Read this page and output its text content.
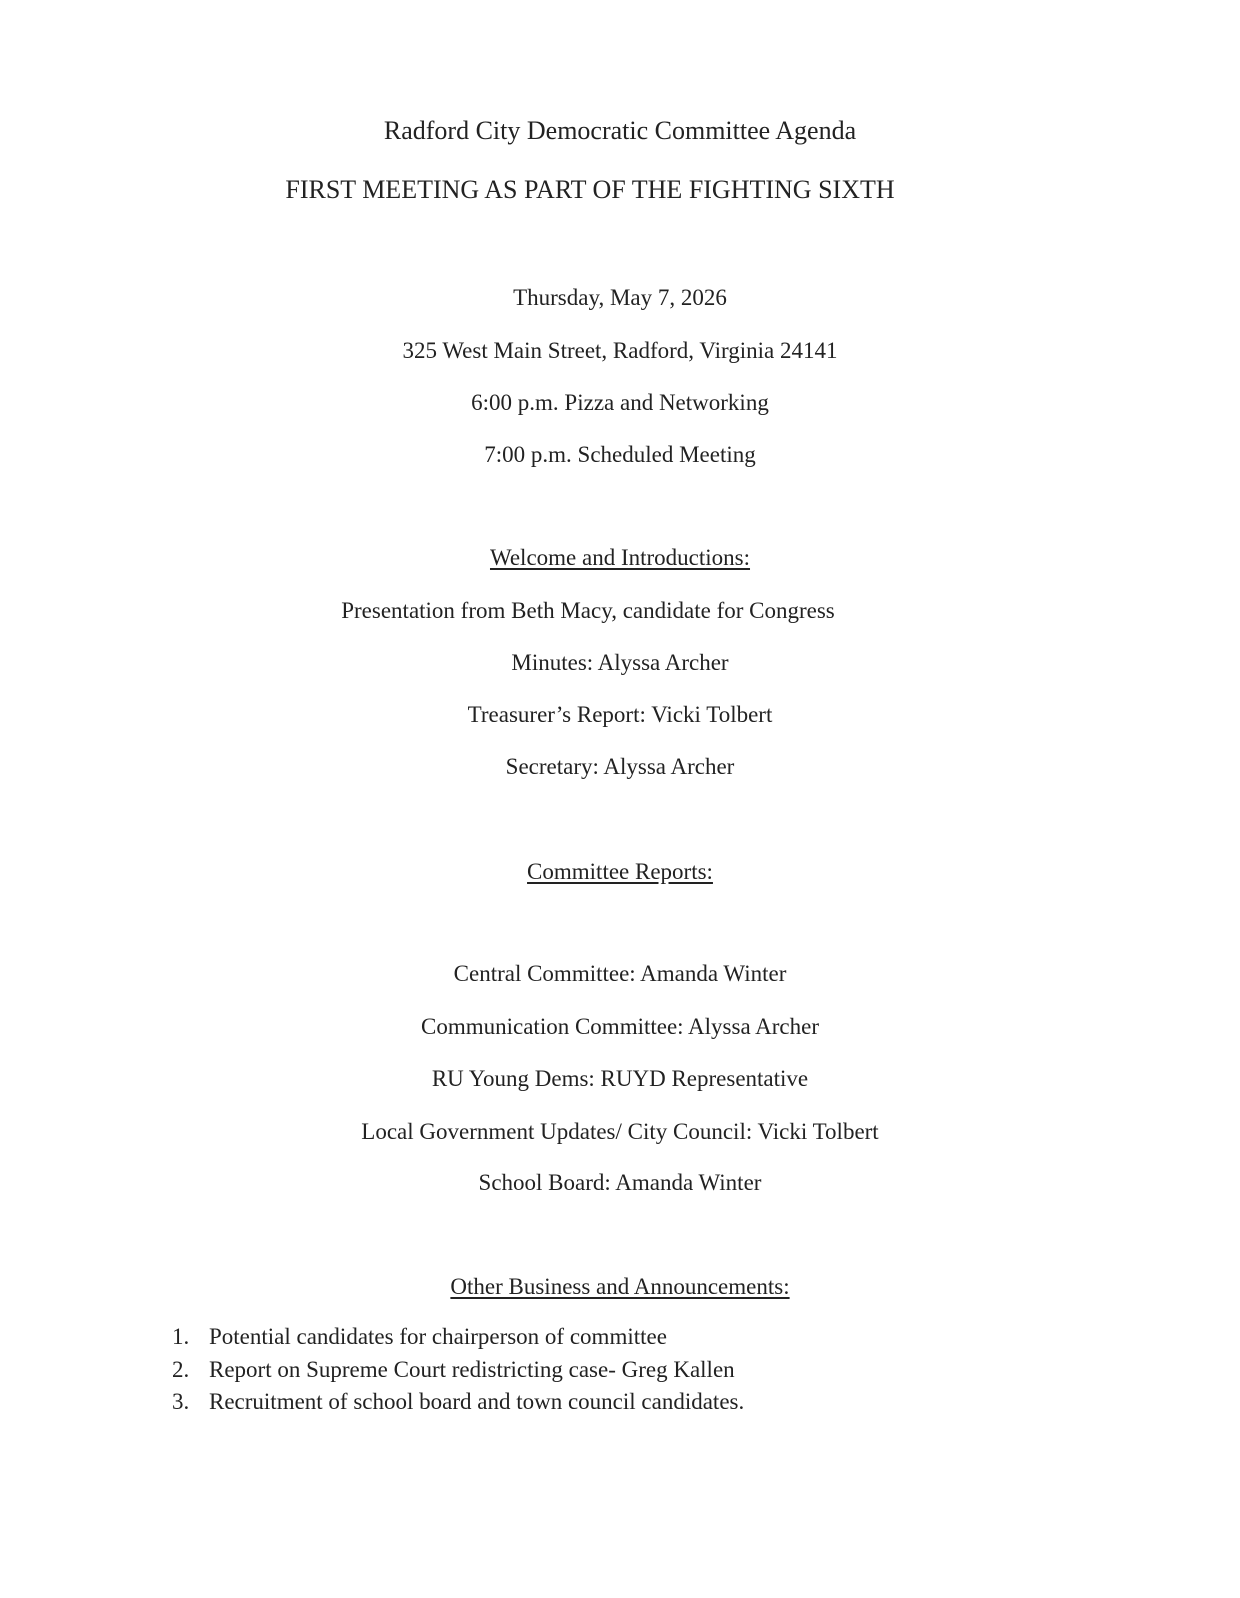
Radford City Democratic Committee Agenda
FIRST MEETING AS PART OF THE FIGHTING SIXTH
Thursday, May 7, 2026
325 West Main Street, Radford, Virginia 24141
6:00 p.m. Pizza and Networking
7:00 p.m. Scheduled Meeting
Welcome and Introductions:
Presentation from Beth Macy, candidate for Congress
Minutes: Alyssa Archer
Treasurer’s Report: Vicki Tolbert
Secretary: Alyssa Archer
Committee Reports:
Central Committee: Amanda Winter
Communication Committee: Alyssa Archer
RU Young Dems: RUYD Representative
Local Government Updates/ City Council: Vicki Tolbert
School Board: Amanda Winter
Other Business and Announcements:
1. Potential candidates for chairperson of committee
2. Report on Supreme Court redistricting case- Greg Kallen
3. Recruitment of school board and town council candidates.
